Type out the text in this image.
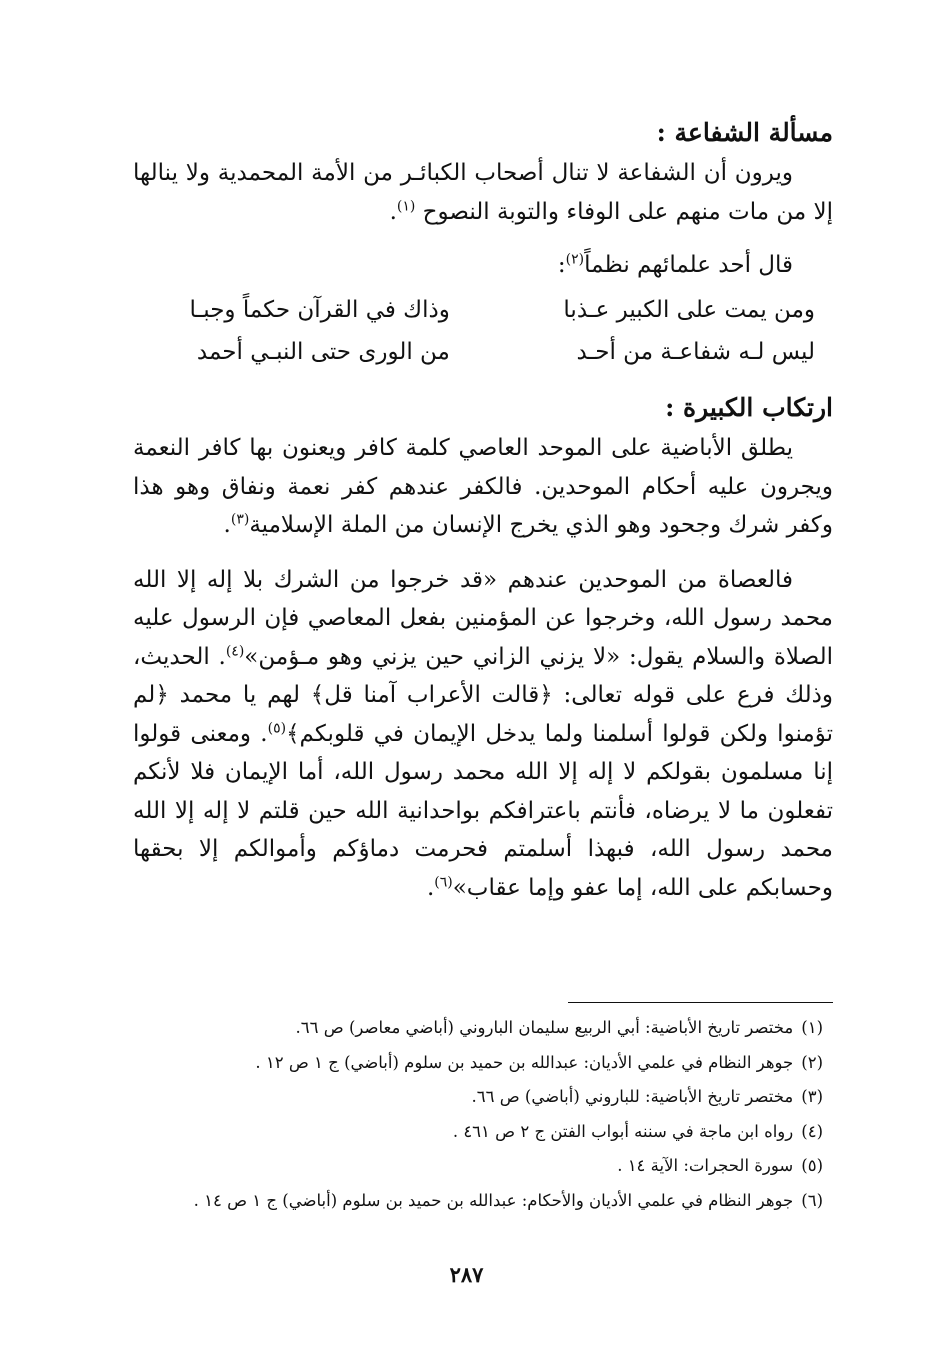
مسألة الشفاعة :

ويرون أن الشفاعة لا تنال أصحاب الكبائـر من الأمة المحمدية ولا ينالها إلا من مات منهم على الوفاء والتوبة النصوح $^{(١)}$.

قال أحد علمائهم نظماً$^{(٢)}$:

ومن يمت على الكبير عـذبا
وذاك في القرآن حكماً وجبـا
ليس لـه شفاعـة من أحـد
من الورى حتى النبـي أحمد
ارتكاب الكبيرة :

يطلق الأباضية على الموحد العاصي كلمة كافر ويعنون بها كافر النعمة ويجرون عليه أحكام الموحدين. فالكفر عندهم كفر نعمة ونفاق وهو هذا وكفر شرك وجحود وهو الذي يخرج الإنسان من الملة الإسلامية$^{(٣)}$.

فالعصاة من الموحدين عندهم «قد خرجوا من الشرك بلا إله إلا الله محمد رسول الله، وخرجوا عن المؤمنين بفعل المعاصي فإن الرسول عليه الصلاة والسلام يقول: «لا يزني الزاني حين يزني وهو مـؤمن»$^{(٤)}$. الحديث، وذلك فرع على قوله تعالى: ﴿قالت الأعراب آمنا قل﴾ لهم يا محمد ﴿لم تؤمنوا ولكن قولوا أسلمنا ولما يدخل الإيمان في قلوبكم﴾$^{(٥)}$. ومعنى قولوا إنا مسلمون بقولكم لا إله إلا الله محمد رسول الله، أما الإيمان فلا لأنكم تفعلون ما لا يرضاه، فأنتم باعترافكم بواحدانية الله حين قلتم لا إله إلا الله محمد رسول الله، فبهذا أسلمتم فحرمت دماؤكم وأموالكم إلا بحقها وحسابكم على الله، إما عفو وإما عقاب»$^{(٦)}$.

(١)مختصر تاريخ الأباضية: أبي الربيع سليمان الباروني (أباضي معاصر) ص ٦٦.
(٢)جوهر النظام في علمي الأديان: عبدالله بن حميد بن سلوم (أباضي) ج ١ ص ١٢ .
(٣)مختصر تاريخ الأباضية: للباروني (أباضي) ص ٦٦.
(٤)رواه ابن ماجة في سننه أبواب الفتن ج ٢ ص ٤٦١ .
(٥)سورة الحجرات: الآية ١٤ .
(٦)جوهر النظام في علمي الأديان والأحكام: عبدالله بن حميد بن سلوم (أباضي) ج ١ ص ١٤ .
٢٨٧
